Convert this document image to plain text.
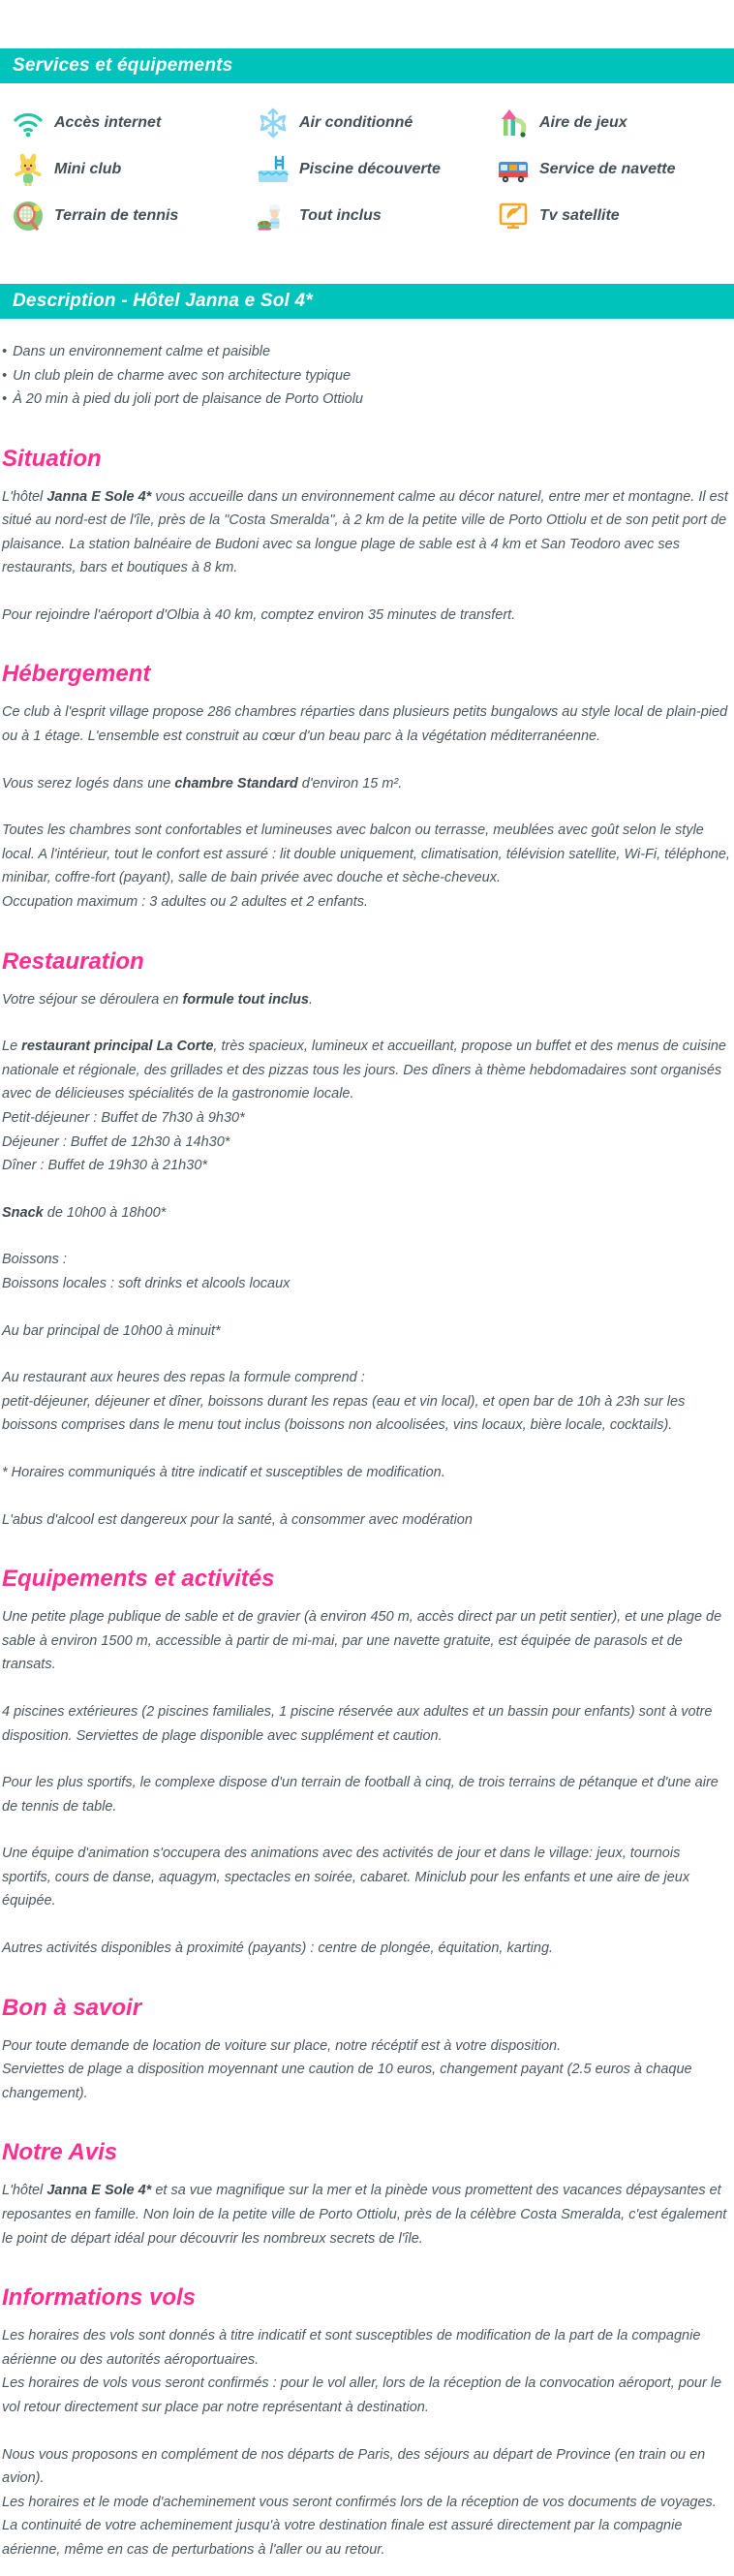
Services et équipements
Accès internet	Air conditionné	Aire de jeux
Mini club	Piscine découverte	Service de navette
Terrain de tennis	Tout inclus	Tv satellite
Description - Hôtel Janna e Sol 4*
• Dans un environnement calme et paisible
• Un club plein de charme avec son architecture typique
• À 20 min à pied du joli port de plaisance de Porto Ottiolu
Situation

L'hôtel Janna E Sole 4* vous accueille dans un environnement calme au décor naturel, entre mer et montagne. Il est situé au nord-est de l'île, près de la "Costa Smeralda", à 2 km de la petite ville de Porto Ottiolu et de son petit port de plaisance. La station balnéaire de Budoni avec sa longue plage de sable est à 4 km et San Teodoro avec ses restaurants, bars et boutiques à 8 km.

Pour rejoindre l'aéroport d'Olbia à 40 km, comptez environ 35 minutes de transfert.

Hébergement

Ce club à l'esprit village propose 286 chambres réparties dans plusieurs petits bungalows au style local de plain-pied ou à 1 étage. L'ensemble est construit au cœur d'un beau parc à la végétation méditerranéenne.

Vous serez logés dans une chambre Standard d'environ 15 m².

Toutes les chambres sont confortables et lumineuses avec balcon ou terrasse, meublées avec goût selon le style local. A l'intérieur, tout le confort est assuré : lit double uniquement, climatisation, télévision satellite, Wi-Fi, téléphone, minibar, coffre-fort (payant), salle de bain privée avec douche et sèche-cheveux.

Occupation maximum : 3 adultes ou 2 adultes et 2 enfants.

Restauration

Votre séjour se déroulera en formule tout inclus.

Le restaurant principal La Corte, très spacieux, lumineux et accueillant, propose un buffet et des menus de cuisine nationale et régionale, des grillades et des pizzas tous les jours. Des dîners à thème hebdomadaires sont organisés avec de délicieuses spécialités de la gastronomie locale.

Petit-déjeuner : Buffet de 7h30 à 9h30*

Déjeuner : Buffet de 12h30 à 14h30*

Dîner : Buffet de 19h30 à 21h30*

Snack de 10h00 à 18h00*

Boissons :

Boissons locales : soft drinks et alcools locaux

Au bar principal de 10h00 à minuit*

Au restaurant aux heures des repas la formule comprend :

petit-déjeuner, déjeuner et dîner, boissons durant les repas (eau et vin local), et open bar de 10h à 23h sur les boissons comprises dans le menu tout inclus (boissons non alcoolisées, vins locaux, bière locale, cocktails).

* Horaires communiqués à titre indicatif et susceptibles de modification.

L'abus d'alcool est dangereux pour la santé, à consommer avec modération

Equipements et activités

Une petite plage publique de sable et de gravier (à environ 450 m, accès direct par un petit sentier), et une plage de sable à environ 1500 m, accessible à partir de mi-mai, par une navette gratuite, est équipée de parasols et de transats.

4 piscines extérieures (2 piscines familiales, 1 piscine réservée aux adultes et un bassin pour enfants) sont à votre disposition. Serviettes de plage disponible avec supplément et caution.

Pour les plus sportifs, le complexe dispose d'un terrain de football à cinq, de trois terrains de pétanque et d'une aire de tennis de table.

Une équipe d'animation s'occupera des animations avec des activités de jour et dans le village: jeux, tournois sportifs, cours de danse, aquagym, spectacles en soirée, cabaret. Miniclub pour les enfants et une aire de jeux équipée.

Autres activités disponibles à proximité (payants) : centre de plongée, équitation, karting.

Bon à savoir

Pour toute demande de location de voiture sur place, notre récéptif est à votre disposition.

Serviettes de plage a disposition moyennant une caution de 10 euros, changement payant (2.5 euros à chaque changement).

Notre Avis

L'hôtel Janna E Sole 4* et sa vue magnifique sur la mer et la pinède vous promettent des vacances dépaysantes et reposantes en famille. Non loin de la petite ville de Porto Ottiolu, près de la célèbre Costa Smeralda, c'est également le point de départ idéal pour découvrir les nombreux secrets de l'île.

Informations vols

Les horaires des vols sont donnés à titre indicatif et sont susceptibles de modification de la part de la compagnie aérienne ou des autorités aéroportuaires.

Les horaires de vols vous seront confirmés : pour le vol aller, lors de la réception de la convocation aéroport, pour le vol retour directement sur place par notre représentant à destination.

Nous vous proposons en complément de nos départs de Paris, des séjours au départ de Province (en train ou en avion).

Les horaires et le mode d'acheminement vous seront confirmés lors de la réception de vos documents de voyages.

La continuité de votre acheminement jusqu'à votre destination finale est assuré directement par la compagnie aérienne, même en cas de perturbations à l'aller ou au retour.
